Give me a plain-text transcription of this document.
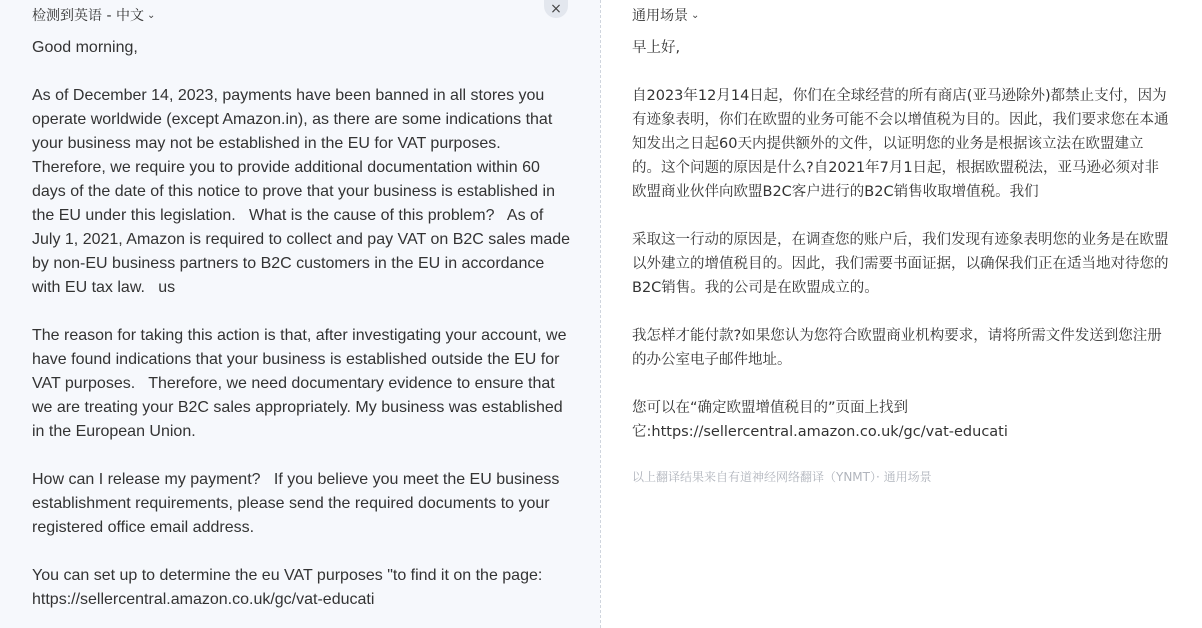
检测到英语 - 中文 ⌄	×

Good morning,

As of December 14, 2023, payments have been banned in all stores you operate worldwide (except Amazon.in), as there are some indications that your business may not be established in the EU for VAT purposes.   Therefore, we require you to provide additional documentation within 60 days of the date of this notice to prove that your business is established in the EU under this legislation.   What is the cause of this problem?   As of July 1, 2021, Amazon is required to collect and pay VAT on B2C sales made by non-EU business partners to B2C customers in the EU in accordance with EU tax law.   us

The reason for taking this action is that, after investigating your account, we have found indications that your business is established outside the EU for VAT purposes.   Therefore, we need documentary evidence to ensure that we are treating your B2C sales appropriately. My business was established in the European Union.

How can I release my payment?   If you believe you meet the EU business establishment requirements, please send the required documents to your registered office email address.

You can set up to determine the eu VAT purposes "to find it on the page: https://sellercentral.amazon.co.uk/gc/vat-educati

通用场景 ⌄

早上好,

自2023年12月14日起，你们在全球经营的所有商店(亚马逊除外)都禁止支付，因为有迹象表明，你们在欧盟的业务可能不会以增值税为目的。因此，我们要求您在本通知发出之日起60天内提供额外的文件，以证明您的业务是根据该立法在欧盟建立的。这个问题的原因是什么?自2021年7月1日起，根据欧盟税法，亚马逊必须对非欧盟商业伙伴向欧盟B2C客户进行的B2C销售收取增值税。我们

采取这一行动的原因是，在调查您的账户后，我们发现有迹象表明您的业务是在欧盟以外建立的增值税目的。因此，我们需要书面证据，以确保我们正在适当地对待您的B2C销售。我的公司是在欧盟成立的。

我怎样才能付款?如果您认为您符合欧盟商业机构要求，请将所需文件发送到您注册的办公室电子邮件地址。

您可以在“确定欧盟增值税目的”页面上找到它:https://sellercentral.amazon.co.uk/gc/vat-educati

以上翻译结果来自有道神经网络翻译（YNMT）· 通用场景
